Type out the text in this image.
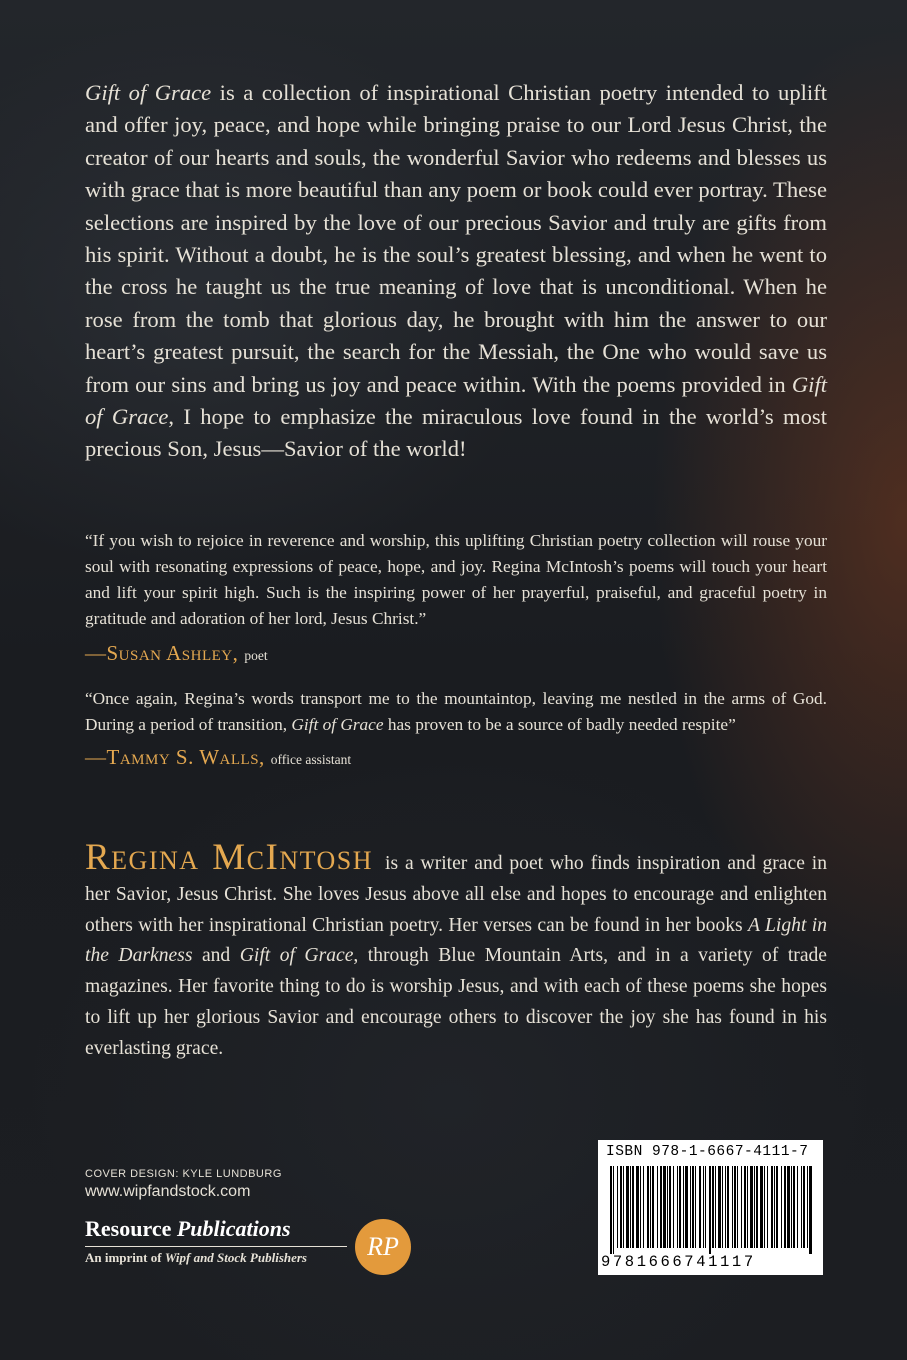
Gift of Grace is a collection of inspirational Christian poetry intended to uplift and offer joy, peace, and hope while bringing praise to our Lord Jesus Christ, the creator of our hearts and souls, the wonderful Savior who redeems and blesses us with grace that is more beautiful than any poem or book could ever portray. These selections are inspired by the love of our precious Savior and truly are gifts from his spirit. Without a doubt, he is the soul’s greatest blessing, and when he went to the cross he taught us the true meaning of love that is unconditional. When he rose from the tomb that glorious day, he brought with him the answer to our heart’s greatest pursuit, the search for the Messiah, the One who would save us from our sins and bring us joy and peace within. With the poems provided in Gift of Grace, I hope to emphasize the miraculous love found in the world’s most precious Son, Jesus—Savior of the world!

“If you wish to rejoice in reverence and worship, this uplifting Christian poetry collection will rouse your soul with resonating expressions of peace, hope, and joy. Regina McIntosh’s poems will touch your heart and lift your spirit high. Such is the inspiring power of her prayerful, praiseful, and graceful poetry in gratitude and adoration of her lord, Jesus Christ.”

—Susan Ashley, poet

“Once again, Regina’s words transport me to the mountaintop, leaving me nestled in the arms of God. During a period of transition, Gift of Grace has proven to be a source of badly needed respite”

—Tammy S. Walls, office assistant

Regina McIntosh is a writer and poet who finds inspiration and grace in her Savior, Jesus Christ. She loves Jesus above all else and hopes to encourage and enlighten others with her inspirational Christian poetry. Her verses can be found in her books A Light in the Darkness and Gift of Grace, through Blue Mountain Arts, and in a variety of trade magazines. Her favorite thing to do is worship Jesus, and with each of these poems she hopes to lift up her glorious Savior and encourage others to discover the joy she has found in his everlasting grace.

COVER DESIGN: KYLE LUNDBURG
www.wipfandstock.com
Resource Publications
An imprint of Wipf and Stock Publishers	RP
ISBN 978-1-6667-4111-7
9781666741117
